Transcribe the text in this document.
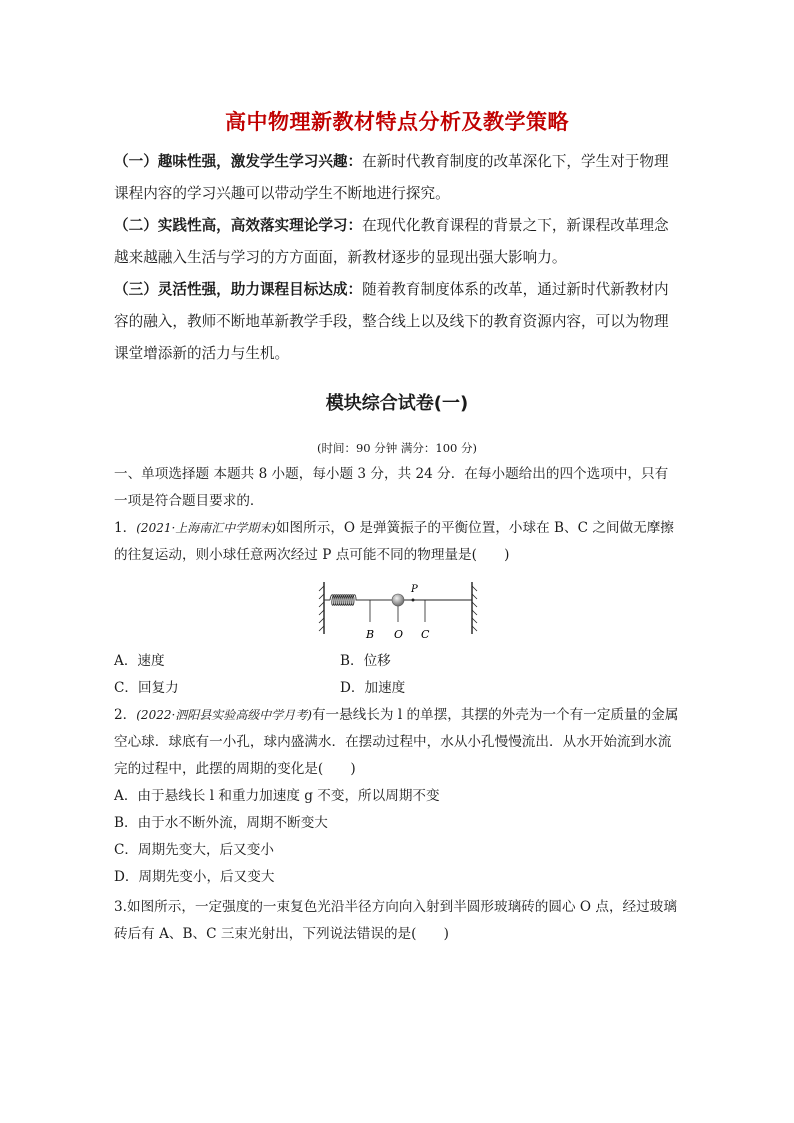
高中物理新教材特点分析及教学策略

（一）趣味性强，激发学生学习兴趣：在新时代教育制度的改革深化下，学生对于物理课程内容的学习兴趣可以带动学生不断地进行探究。

（二）实践性高，高效落实理论学习：在现代化教育课程的背景之下，新课程改革理念越来越融入生活与学习的方方面面，新教材逐步的显现出强大影响力。

（三）灵活性强，助力课程目标达成：随着教育制度体系的改革，通过新时代新教材内容的融入，教师不断地革新教学手段，整合线上以及线下的教育资源内容，可以为物理课堂增添新的活力与生机。

模块综合试卷(一)
(时间：90 分钟 满分：100 分)

一、单项选择题 本题共 8 小题，每小题 3 分，共 24 分．在每小题给出的四个选项中，只有一项是符合题目要求的．

1．(2021·上海南汇中学期末)如图所示，O 是弹簧振子的平衡位置，小球在 B、C 之间做无摩擦的往复运动，则小球任意两次经过 P 点可能不同的物理量是(　　)

P
B O C
A．速度	B．位移
C．回复力	D．加速度

2．(2022·泗阳县实验高级中学月考)有一悬线长为 l 的单摆，其摆的外壳为一个有一定质量的金属空心球．球底有一小孔，球内盛满水．在摆动过程中，水从小孔慢慢流出．从水开始流到水流完的过程中，此摆的周期的变化是(　　)

A．由于悬线长 l 和重力加速度 g 不变，所以周期不变

B．由于水不断外流，周期不断变大

C．周期先变大，后又变小

D．周期先变小，后又变大

3.如图所示，一定强度的一束复色光沿半径方向向入射到半圆形玻璃砖的圆心 O 点，经过玻璃砖后有 A、B、C 三束光射出，下列说法错误的是(　　)
